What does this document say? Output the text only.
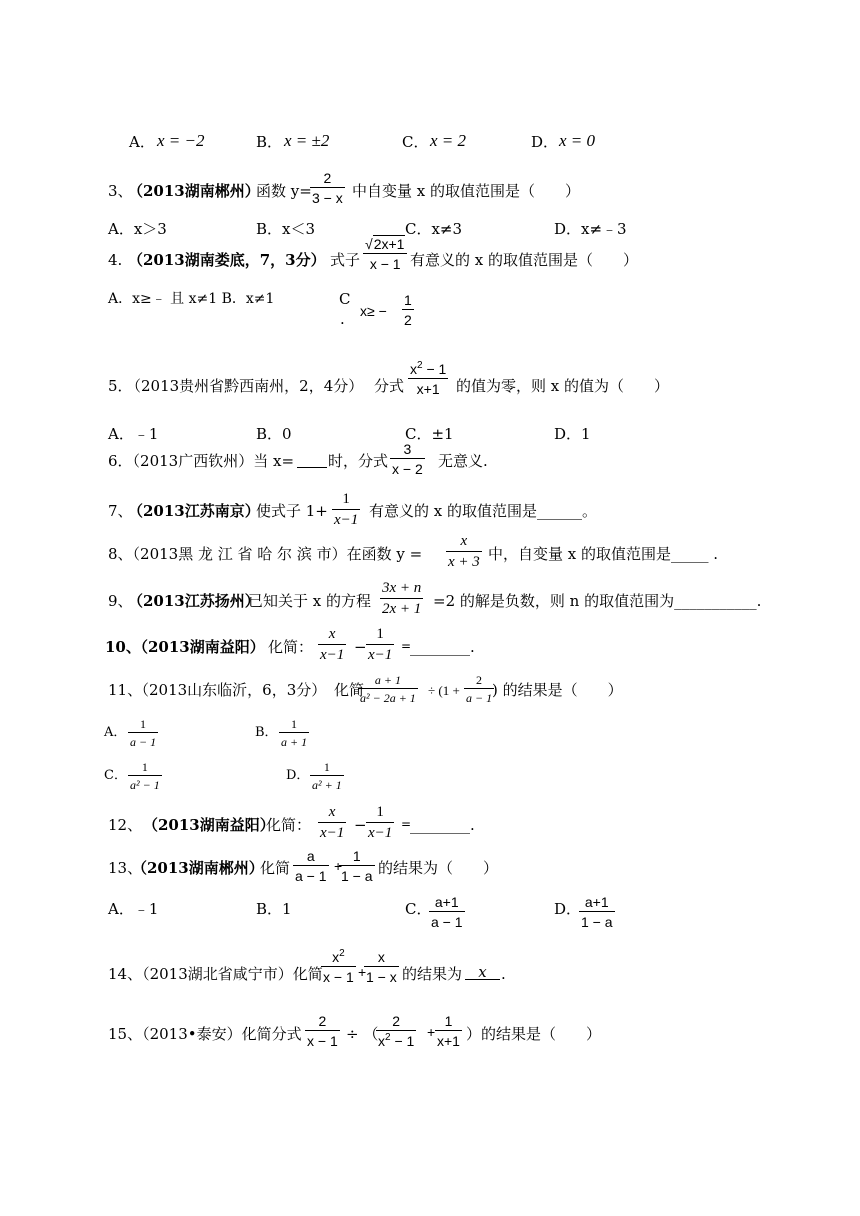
A． x = −2	B． x = ±2	C． x = 2	D． x = 0
3、
（2013湖南郴州）
函数 y=
$\frac{2}{3 - x}$ 中自变量 x 的取值范围是（　　）
A．x＞3	B．x＜3	C．x≠3	D．x≠﹣3
4. （2013湖南娄底，7，3分） 式子 $\frac{√2x+1}{x - 1}$ 有意义的 x 的取值范围是（　　）
A．x≥﹣ 且 x≠1 B．x≠1	C
. $x\ge - \frac{1}{2}$
5．
（2013贵州省黔西南州，2，4分） 分式 $\frac{x^2 - 1}{x+1}$ 的值为零，则 x 的值为（　　）
A．﹣1	B．0	C．±1	D．1
6．（2013广西钦州）当 x= 时，分式 $\frac{3}{x - 2}$ 无意义.
7、
（2013江苏南京）
使式子 $1+ \frac{1}{x-1}$ 有意义的 x 的取值范围是______。
8、（2013黑 龙 江 省 哈 尔 滨 市）在函数 $y = \frac{x}{x + 3}$ 中，自变量 x 的取值范围是_____ .
9、
（2013江苏扬州）
已知关于 x 的方程 $\frac{3x + n}{2x + 1} =2$ 的解是负数，则 n 的取值范围为___________.
10、
（2013湖南益阳） 化简： $\frac{x}{x-1} - \frac{1}{x-1}$ =
________.
11、
（2013山东临沂，6，3分） 化简
$\frac{a + 1}{\text{a² − 2a + 1}} \div (1 + \frac{2}{a - 1}$
) 的结果是（　　）
A． $\frac{1}{a - 1}$	B． $\frac{1}{a + 1}$
C． $\frac{1}{\text{a² − 1}}$	D． $\frac{1}{\text{a² + 1}}$
12、 （2013湖南益阳）
化简： $\frac{x}{x-1} - \frac{1}{x-1}$ =
________.
13、
（2013湖南郴州）
化简 $\frac{a}{a - 1}$ +
$\frac{1}{1 - a}$ 的结果为（　　）
A．﹣1	B．1	C．
$\frac{a+1}{a - 1}$	D．
$\frac{a+1}{1 - a}$
14、（2013湖北省咸宁市）化简
$\frac{x^2}{x - 1}$ +
$\frac{x}{1 - x}$ 的结果为	x .
15、（2013•泰安）化简分式 $\frac{2}{x - 1}$ ÷ （
$\frac{2}{x^2 - 1} + \frac{1}{x+1}$ ）的结果是（　　）
